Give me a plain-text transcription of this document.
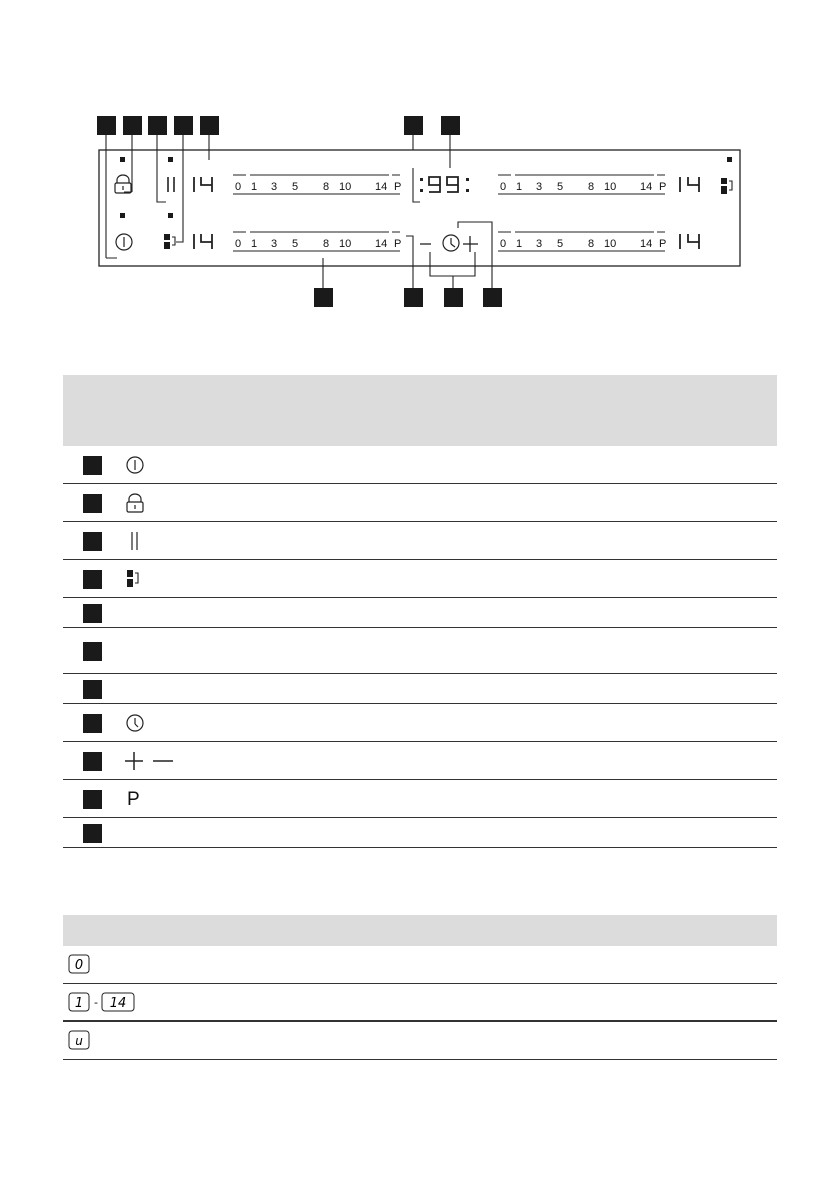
0 1 3 5 8 10 14 P
0 1 3 5 8 10 14 P
0 1 3 5 8 10 14 P
0 1 3 5 8 10 14 P
P
0
1 - 14
u
